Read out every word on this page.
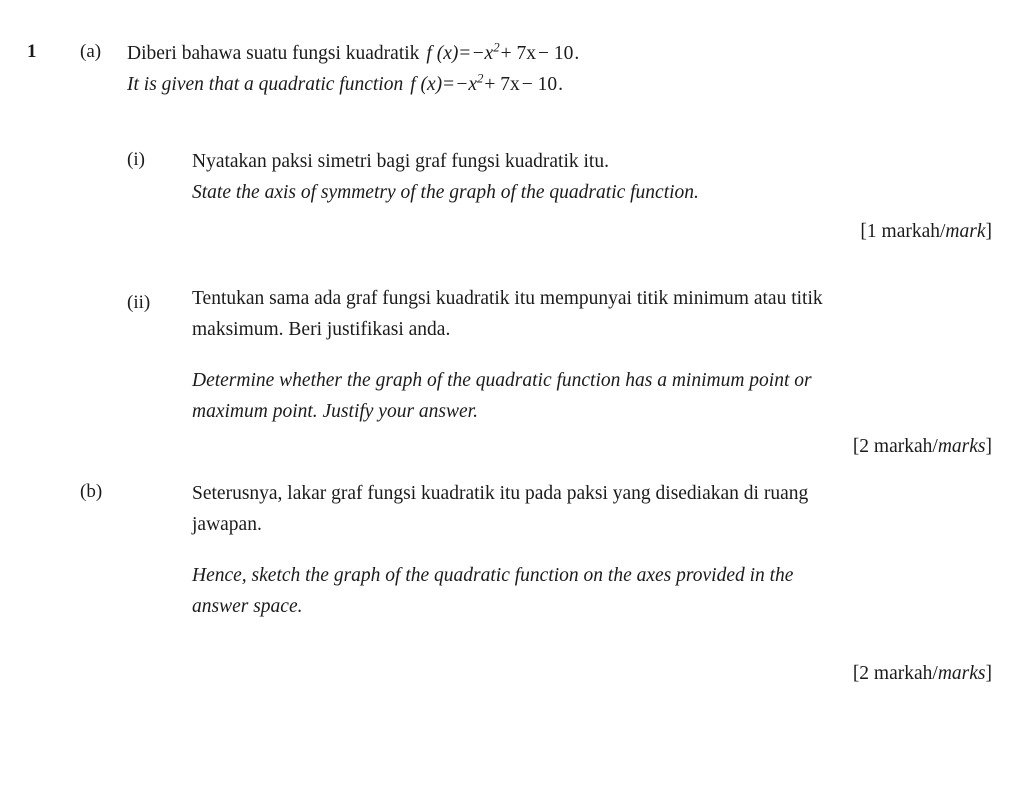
1	(a)	Diberi bahawa suatu fungsi kuadratik f $(x)=-x^2+ 7x - 10$.

It is given that a quadratic function f $(x)=-x^2+ 7x - 10$.

(i)	Nyatakan paksi simetri bagi graf fungsi kuadratik itu.

State the axis of symmetry of the graph of the quadratic function.

[1 markah/mark]
(ii)	Tentukan sama ada graf fungsi kuadratik itu mempunyai titik minimum atau titik

maksimum. Beri justifikasi anda.

Determine whether the graph of the quadratic function has a minimum point or

maximum point. Justify your answer.

[2 markah/marks]
(b)	Seterusnya, lakar graf fungsi kuadratik itu pada paksi yang disediakan di ruang

jawapan.

Hence, sketch the graph of the quadratic function on the axes provided in the

answer space.

[2 markah/marks]
